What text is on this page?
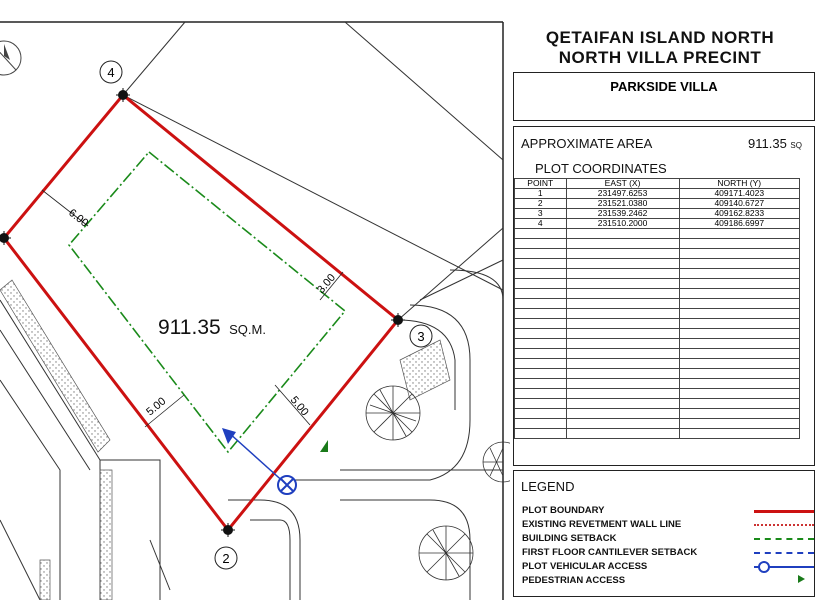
4
3
2
6.00
3.00
5.00	5.00
911.35 SQ.M.
QETAIFAN ISLAND NORTH
NORTH VILLA PRECINT
PARKSIDE VILLA
APPROXIMATE AREA	911.35 SQ
PLOT COORDINATES
POINT	EAST (X)	NORTH (Y)
1	231497.6253	409171.4023
2	231521.0380	409140.6727
3	231539.2462	409162.8233
4	231510.2000	409186.6997

LEGEND
PLOT BOUNDARY
EXISTING REVETMENT WALL LINE
BUILDING SETBACK
FIRST FLOOR CANTILEVER SETBACK
PLOT VEHICULAR ACCESS
PEDESTRIAN ACCESS
